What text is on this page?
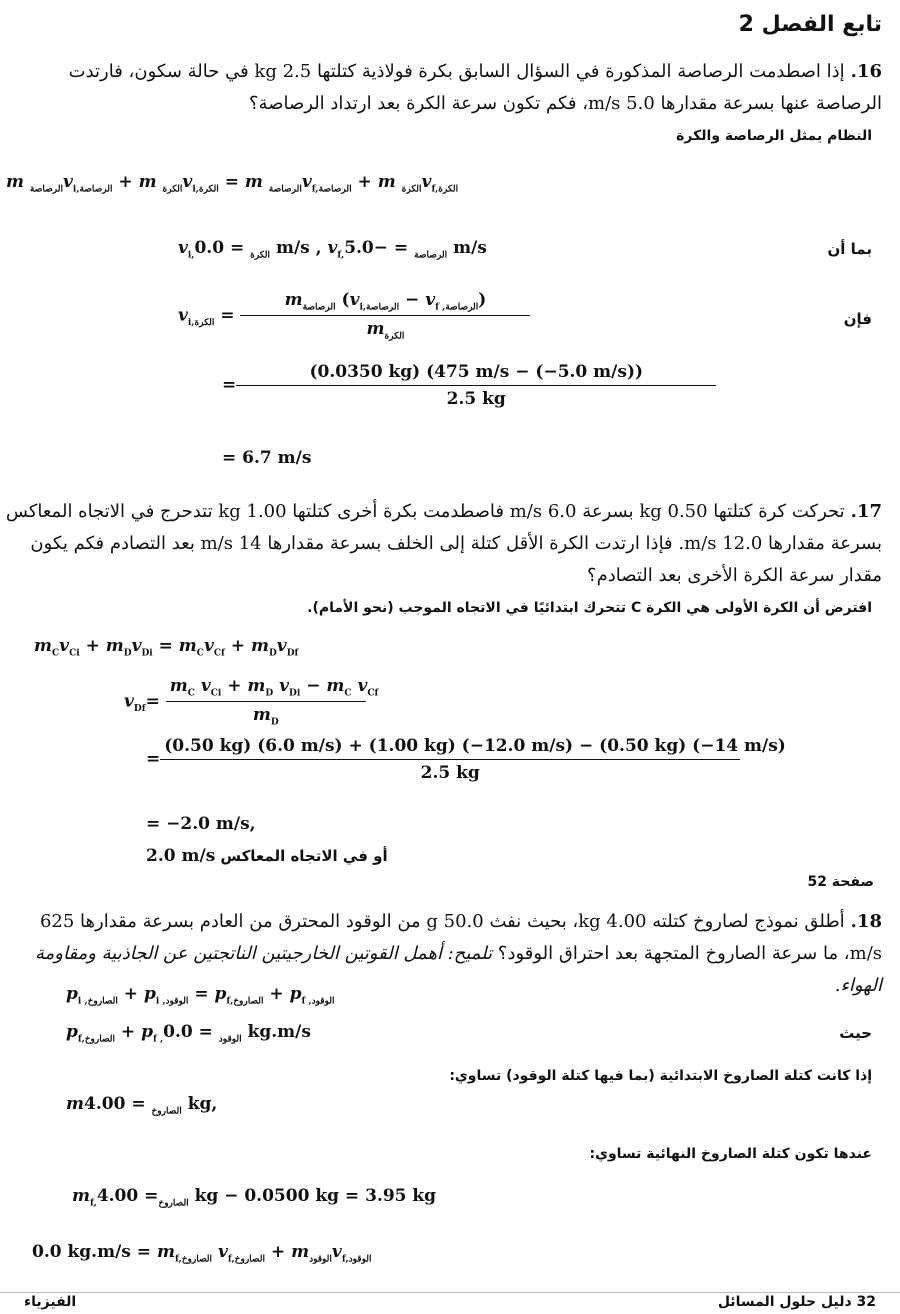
تابع الفصل 2
16.إذا اصطدمت الرصاصة المذكورة في السؤال السابق بكرة فولاذية كتلتها 2.5 kg في حالة سكون، فارتدت الرصاصة عنها بسرعة مقدارها 5.0 m/s، فكم تكون سرعة الكرة بعد ارتداد الرصاصة؟
النظام يمثل الرصاصة والكرة
m $_{الرصاصة}v_{i,الرصاصة} + m$ $_{الكرة}v_{i,الكرة} = m$ $_{الرصاصة}v_{f,الرصاصة} + m$ $_{الكرة}v_{f,الكرة}$
بما أن
$v_{i, الكرة} = 0.0$ m/s , $v_{f, الرصاصة} = -5.0$ m/s
فإن
$v_{i,الكرة} = \frac{m_{الرصاصة} (v_{i,الرصاصة} - v_{f ,الرصاصة})}{m_{الكرة}}$
= $\frac{(0.0350 kg) (475 m/s - (-5.0 m/s))}{2.5 kg}$
= 6.7 m/s
17.تحركت كرة كتلتها 0.50 kg بسرعة 6.0 m/s فاصطدمت بكرة أخرى كتلتها 1.00 kg تتدحرج في الاتجاه المعاكس بسرعة مقدارها 12.0 m/s. فإذا ارتدت الكرة الأقل كتلة إلى الخلف بسرعة مقدارها 14 m/s بعد التصادم فكم يكون مقدار سرعة الكرة الأخرى بعد التصادم؟
افترض أن الكرة الأولى هي الكرة C تتحرك ابتدائيًا في الاتجاه الموجب (نحو الأمام).
$m_Cv_{Ci} + m_Dv_{Di} = m_Cv_{Cf} + m_Dv_{Df}$
$v_{Df}= \frac{m_C v_{Ci} + m_D v_{Di} - m_C v_{Cf}}{m_D}$
=
(0.50 kg) (6.0 m/s) + (1.00 kg) (−12.0 m/s) − (0.50 kg) (−14 m/s)
2.5 kg
= −2.0 m/s,
أو في الاتجاه المعاكس 2.0 m/s
صفحة 52
18.أطلق نموذج لصاروخ كتلته 4.00 kg، بحيث نفث 50.0 g من الوقود المحترق من العادم بسرعة مقدارها 625 m/s، ما سرعة الصاروخ المتجهة بعد احتراق الوقود؟ تلميح: أهمل القوتين الخارجيتين الناتجتين عن الجاذبية ومقاومة الهواء.
$p_{i ,الصاروخ} + p_{i ,الوقود} = p_{f,الصاروخ} + p_{f ,الوقود}$
حيث
$p_{f,الصاروخ} + p_{f , الوقود} = 0.0$ kg.m/s
إذا كانت كتلة الصاروخ الابتدائية (بما فيها كتلة الوقود) تساوي:
m	$_{الصاروخ}$ = 4.00 kg,
عندها تكون كتلة الصاروخ النهائية تساوي:
$m_{f, الصاروخ}= 4.00$ kg − 0.0500 kg = 3.95 kg
0.0 $kg.m/s = m_{f,الصاروخ}$ $v_{f,الصاروخ} + m_{الوقود}v_{f,الوقود}$
الفيزياء	32 دليل حلول المسائل
